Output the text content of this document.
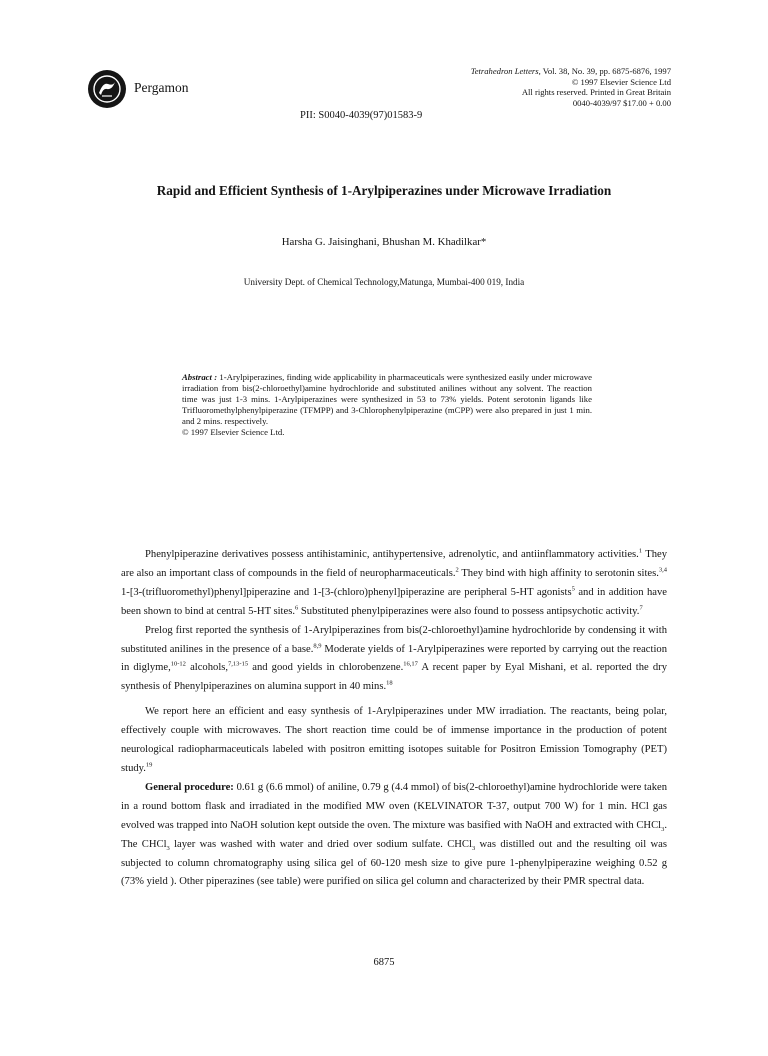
Pergamon
Tetrahedron Letters, Vol. 38, No. 39, pp. 6875-6876, 1997
© 1997 Elsevier Science Ltd
All rights reserved. Printed in Great Britain
0040-4039/97 $17.00 + 0.00
PII: S0040-4039(97)01583-9
Rapid and Efficient Synthesis of 1-Arylpiperazines under Microwave Irradiation
Harsha G. Jaisinghani, Bhushan M. Khadilkar*
University Dept. of Chemical Technology,Matunga, Mumbai-400 019, India
Abstract : 1-Arylpiperazines, finding wide applicability in pharmaceuticals were synthesized easily under microwave irradiation from bis(2-chloroethyl)amine hydrochloride and substituted anilines without any solvent. The reaction time was just 1-3 mins. 1-Arylpiperazines were synthesized in 53 to 73% yields. Potent serotonin ligands like Trifluoromethylphenylpiperazine (TFMPP) and 3-Chlorophenylpiperazine (mCPP) were also prepared in just 1 min. and 2 mins. respectively.
© 1997 Elsevier Science Ltd.

Phenylpiperazine derivatives possess antihistaminic, antihypertensive, adrenolytic, and antiinflammatory activities.$^1$ They are also an important class of compounds in the field of neuropharmaceuticals.$^2$ They bind with high affinity to serotonin sites.$^{3,4}$ 1-[3-(trifluoromethyl)phenyl]piperazine and 1-[3-(chloro)phenyl]piperazine are peripheral 5-HT agonists$^5$ and in addition have been shown to bind at central 5-HT sites.$^6$ Substituted phenylpiperazines were also found to possess antipsychotic activity.$^7$

Prelog first reported the synthesis of 1-Arylpiperazines from bis(2-chloroethyl)amine hydrochloride by condensing it with substituted anilines in the presence of a base.$^{8,9}$ Moderate yields of 1-Arylpiperazines were reported by carrying out the reaction in diglyme,$^{10-12}$ alcohols,$^{7,13-15}$ and good yields in chlorobenzene.$^{16,17}$ A recent paper by Eyal Mishani, et al. reported the dry synthesis of Phenylpiperazines on alumina support in 40 mins.$^{18}$

We report here an efficient and easy synthesis of 1-Arylpiperazines under MW irradiation. The reactants, being polar, effectively couple with microwaves. The short reaction time could be of immense importance in the production of potent neurological radiopharmaceuticals labeled with positron emitting isotopes suitable for Positron Emission Tomography (PET) study.$^{19}$

General procedure: 0.61 g (6.6 mmol) of aniline, 0.79 g (4.4 mmol) of bis(2-chloroethyl)amine hydrochloride were taken in a round bottom flask and irradiated in the modified MW oven (KELVINATOR T-37, output 700 W) for 1 min. HCl gas evolved was trapped into NaOH solution kept outside the oven. The mixture was basified with NaOH and extracted with CHCl$_3$. The CHCl$_3$ layer was washed with water and dried over sodium sulfate. CHCl$_3$ was distilled out and the resulting oil was subjected to column chromatography using silica gel of 60-120 mesh size to give pure 1-phenylpiperazine weighing 0.52 g (73% yield ). Other piperazines (see table) were purified on silica gel column and characterized by their PMR spectral data.

6875
